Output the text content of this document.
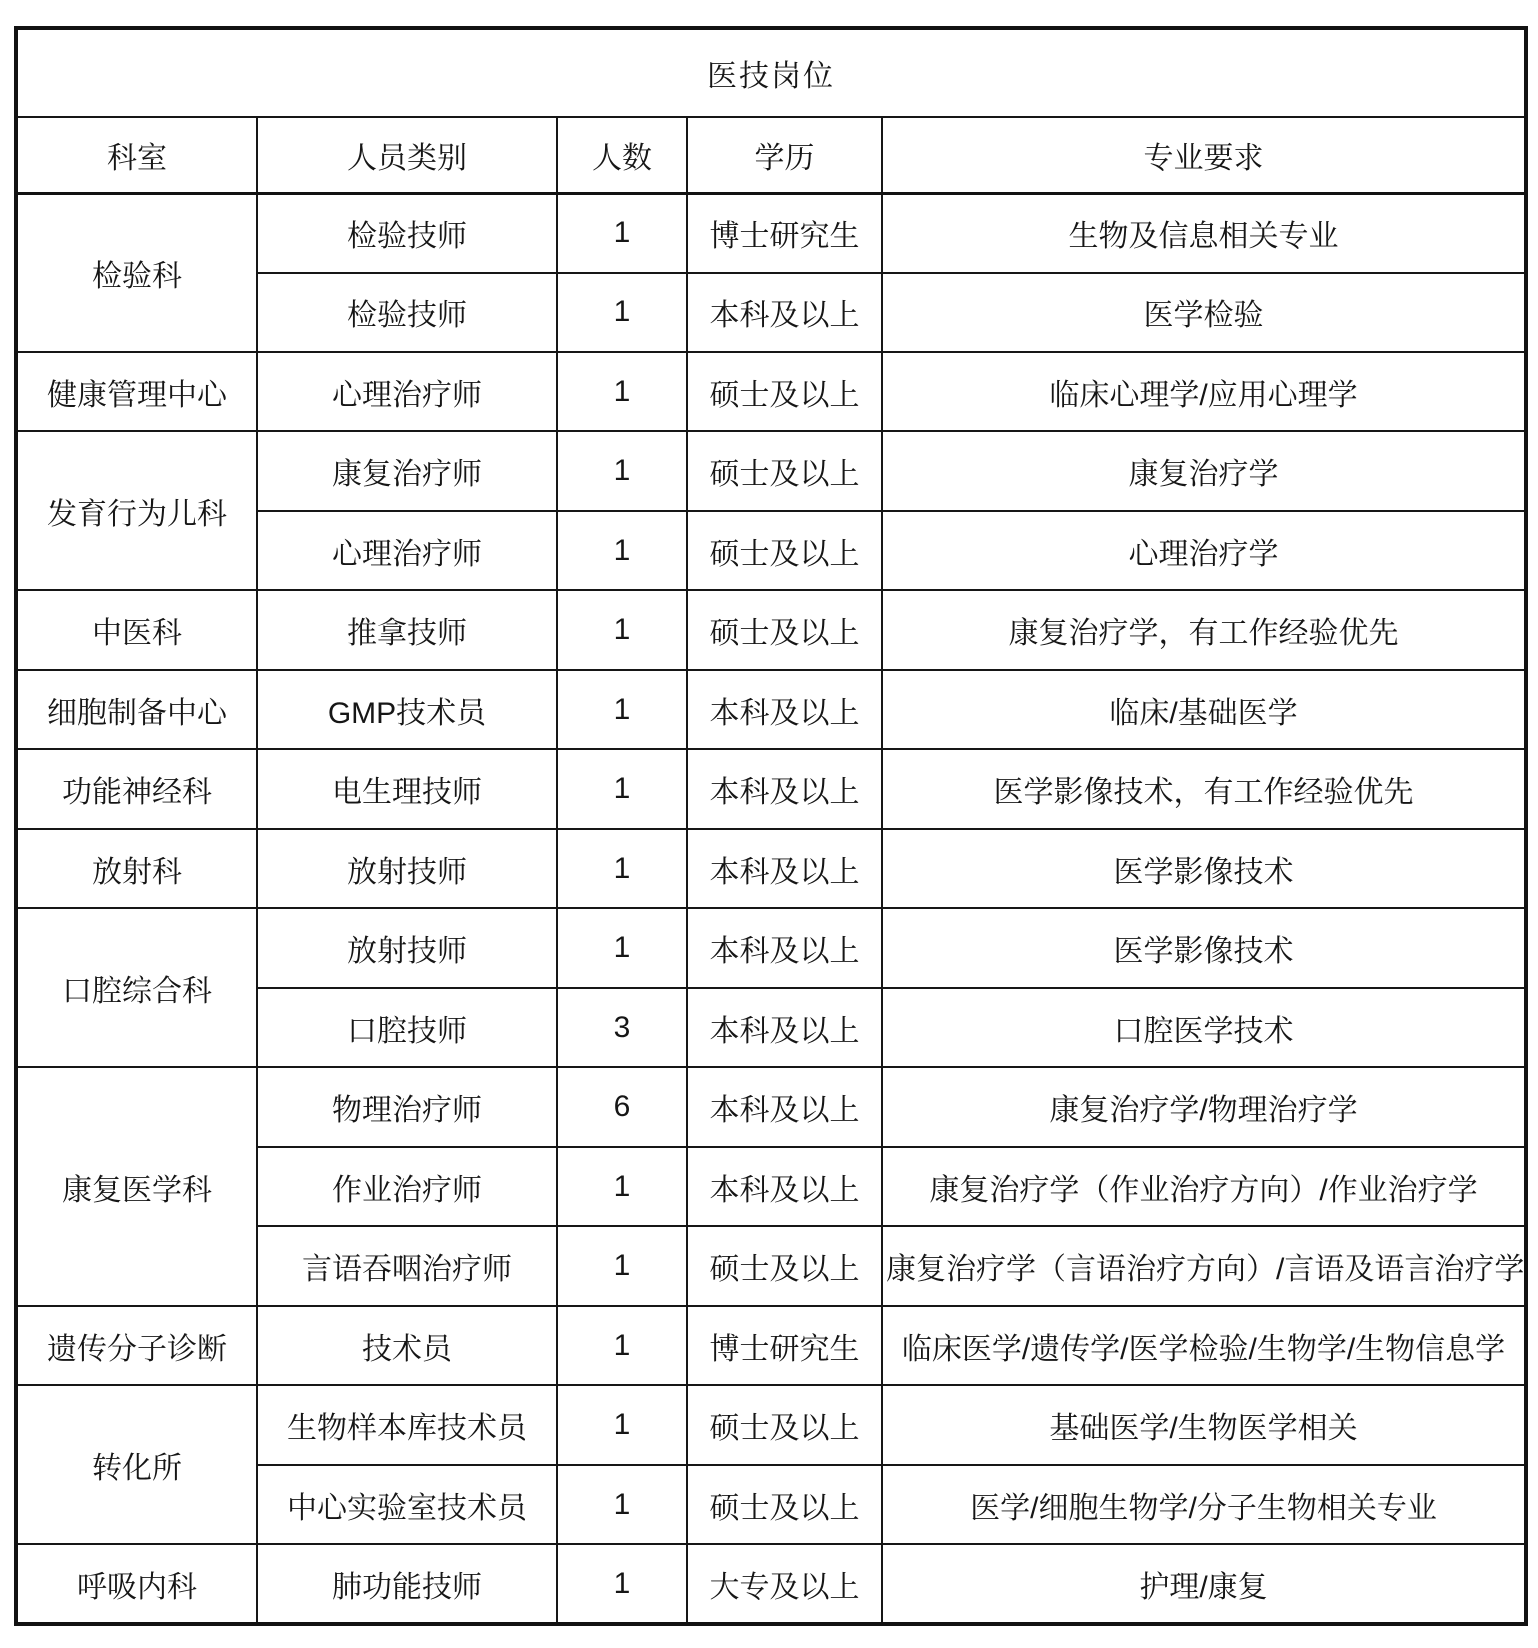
医技岗位				
科室	人员类别	人数	学历	专业要求
检验科	检验技师	1	博士研究生	生物及信息相关专业
	检验技师	1	本科及以上	医学检验
健康管理中心	心理治疗师	1	硕士及以上	临床心理学/应用心理学
发育行为儿科	康复治疗师	1	硕士及以上	康复治疗学
	心理治疗师	1	硕士及以上	心理治疗学
中医科	推拿技师	1	硕士及以上	康复治疗学，有工作经验优先
细胞制备中心	GMP技术员	1	本科及以上	临床/基础医学
功能神经科	电生理技师	1	本科及以上	医学影像技术，有工作经验优先
放射科	放射技师	1	本科及以上	医学影像技术
口腔综合科	放射技师	1	本科及以上	医学影像技术
	口腔技师	3	本科及以上	口腔医学技术
康复医学科	物理治疗师	6	本科及以上	康复治疗学/物理治疗学
	作业治疗师	1	本科及以上	康复治疗学（作业治疗方向）/作业治疗学
	言语吞咽治疗师	1	硕士及以上	康复治疗学（言语治疗方向）/言语及语言治疗学
遗传分子诊断	技术员	1	博士研究生	临床医学/遗传学/医学检验/生物学/生物信息学
转化所	生物样本库技术员	1	硕士及以上	基础医学/生物医学相关
	中心实验室技术员	1	硕士及以上	医学/细胞生物学/分子生物相关专业
呼吸内科	肺功能技师	1	大专及以上	护理/康复
